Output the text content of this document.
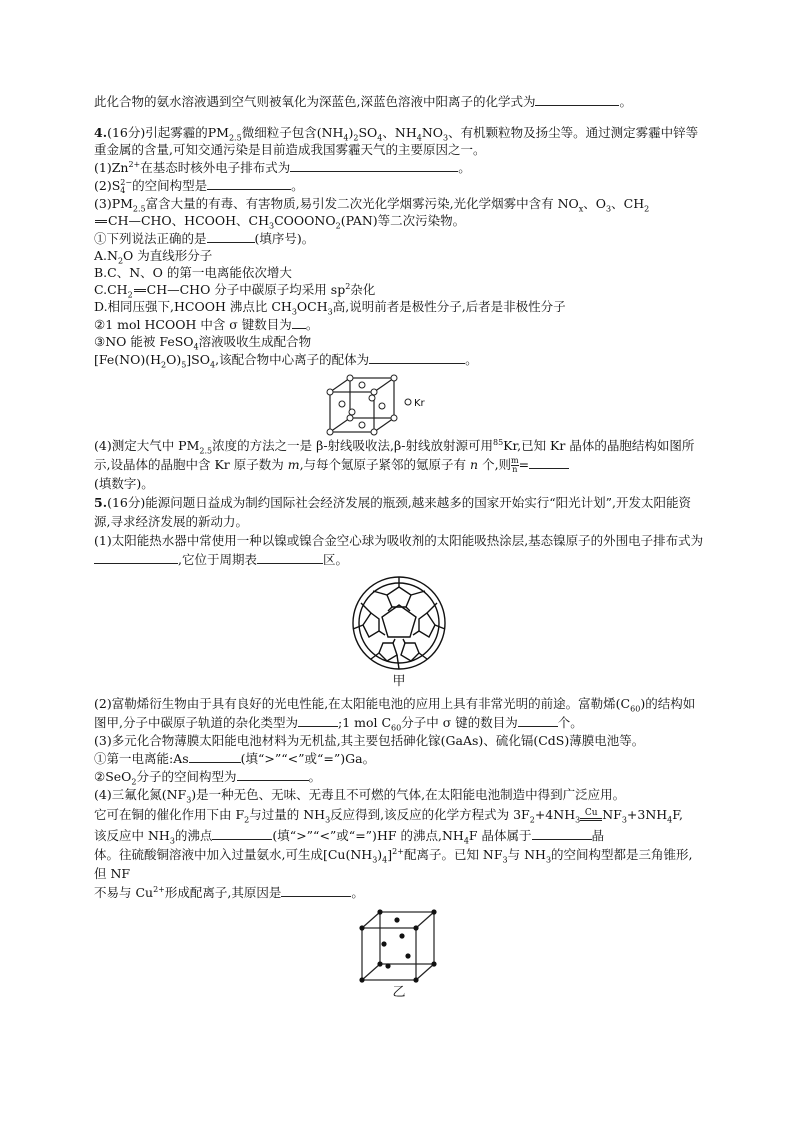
此化合物的氨水溶液遇到空气则被氧化为深蓝色,深蓝色溶液中阳离子的化学式为	。

4.(16分)引起雾霾的$PM_{2.5}$微细粒子包含$(NH_4)_2SO_4$、$NH_4NO_3$、有机颗粒物及扬尘等。通过测定雾霾中锌等重金属的含量,可知交通污染是目前造成我国雾霾天气的主要原因之一。

$(1)Zn^{2+}$在基态时核外电子排布式为	。

(2)S 2−
4 的空间构型是	。

$(3)PM_{2.5}$富含大量的有毒、有害物质,易引发二次光化学烟雾污染,光化学烟雾中含有 $NO_x$、$O_3$、$CH_2$
CH—CHO、HCOOH、$CH_3COOONO_2(PAN)$等二次污染物。

①下列说法正确的是	(填序号)。

$A.N_2O$ 为直线形分子

B.C、N、O 的第一电离能依次增大

$C.CH_2$ CH—CHO 分子中碳原子均采用 $sp^2$杂化

D.相同压强下,HCOOH 沸点比 $CH_3OCH_3$高,说明前者是极性分子,后者是非极性分子

②1 mol HCOOH 中含 σ 键数目为 。

③NO 能被 FeSO$_4$溶液吸收生成配合物

$[Fe(NO)(H_2O)_5]SO_4$,该配合物中心离子的配体为	。

Kr

(4)测定大气中 $PM_{2.5}$浓度的方法之一是 β-射线吸收法,β-射线放射源可用$^{85}$Kr,已知 Kr 晶体的晶胞结构如图所示,设晶体的晶胞中含 Kr 原子数为 m,与每个氪原子紧邻的氪原子有 n 个,则 $\frac{m}{n}$ =
(填数字)。

5.(16分)能源问题日益成为制约国际社会经济发展的瓶颈,越来越多的国家开始实行“阳光计划”,开发太阳能资源,寻求经济发展的新动力。

(1)太阳能热水器中常使用一种以镍或镍合金空心球为吸收剂的太阳能吸热涂层,基态镍原子的外围电子排布式为,它位于周期表	区。

甲

(2)富勒烯衍生物由于具有良好的光电性能,在太阳能电池的应用上具有非常光明的前途。富勒烯$(C_{60})$的结构如图甲,分子中碳原子轨道的杂化类型为	;1 mol $C_{60}$分子中 σ 键的数目为	个。

(3)多元化合物薄膜太阳能电池材料为无机盐,其主要包括砷化镓(GaAs)、硫化镉(CdS)薄膜电池等。

①第一电离能:As	(填“>”“<”或“=”)Ga。

②SeO$_2$分子的空间构型为	。

(4)三氟化氮$(NF_3)$是一种无色、无味、无毒且不可燃的气体,在太阳能电池制造中得到广泛应用。

它可在铜的催化作用下由 $F_2$与过量的 $NH_3$反应得到,该反应的化学方程式为 $3F_2+4NH_3Cu$ $NF_3+3NH_4F$,

该反应中 $NH_3$的沸点	(填“>”“<”或“=”)HF 的沸点$,NH_4F$ 晶体属于	晶
体。往硫酸铜溶液中加入过量氨水,可生成$[Cu(NH_3)_4]^{2+}$配离子。已知 $NF_3$与 $NH_3$的空间构型都是三角锥形,但 NF
不易与 $Cu^{2+}$形成配离子,其原因是	。

乙
